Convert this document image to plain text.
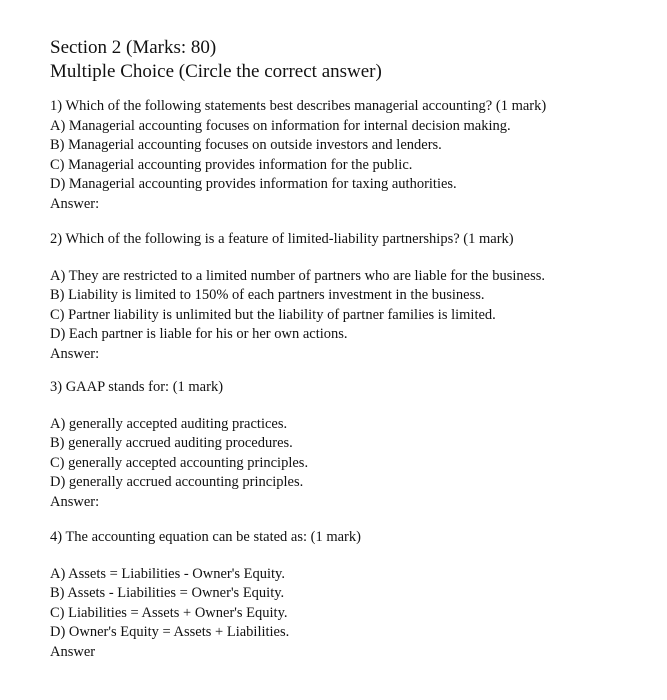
Section 2 (Marks: 80)
Multiple Choice (Circle the correct answer)
1) Which of the following statements best describes managerial accounting? (1 mark)
A) Managerial accounting focuses on information for internal decision making.
B) Managerial accounting focuses on outside investors and lenders.
C) Managerial accounting provides information for the public.
D) Managerial accounting provides information for taxing authorities.
Answer:
2) Which of the following is a feature of limited-liability partnerships? (1 mark)
A) They are restricted to a limited number of partners who are liable for the business.
B) Liability is limited to 150% of each partners investment in the business.
C) Partner liability is unlimited but the liability of partner families is limited.
D) Each partner is liable for his or her own actions.
Answer:
3) GAAP stands for: (1 mark)
A) generally accepted auditing practices.
B) generally accrued auditing procedures.
C) generally accepted accounting principles.
D) generally accrued accounting principles.
Answer:
4) The accounting equation can be stated as: (1 mark)
A) Assets = Liabilities - Owner's Equity.
B) Assets - Liabilities = Owner's Equity.
C) Liabilities = Assets + Owner's Equity.
D) Owner's Equity = Assets + Liabilities.
Answer
